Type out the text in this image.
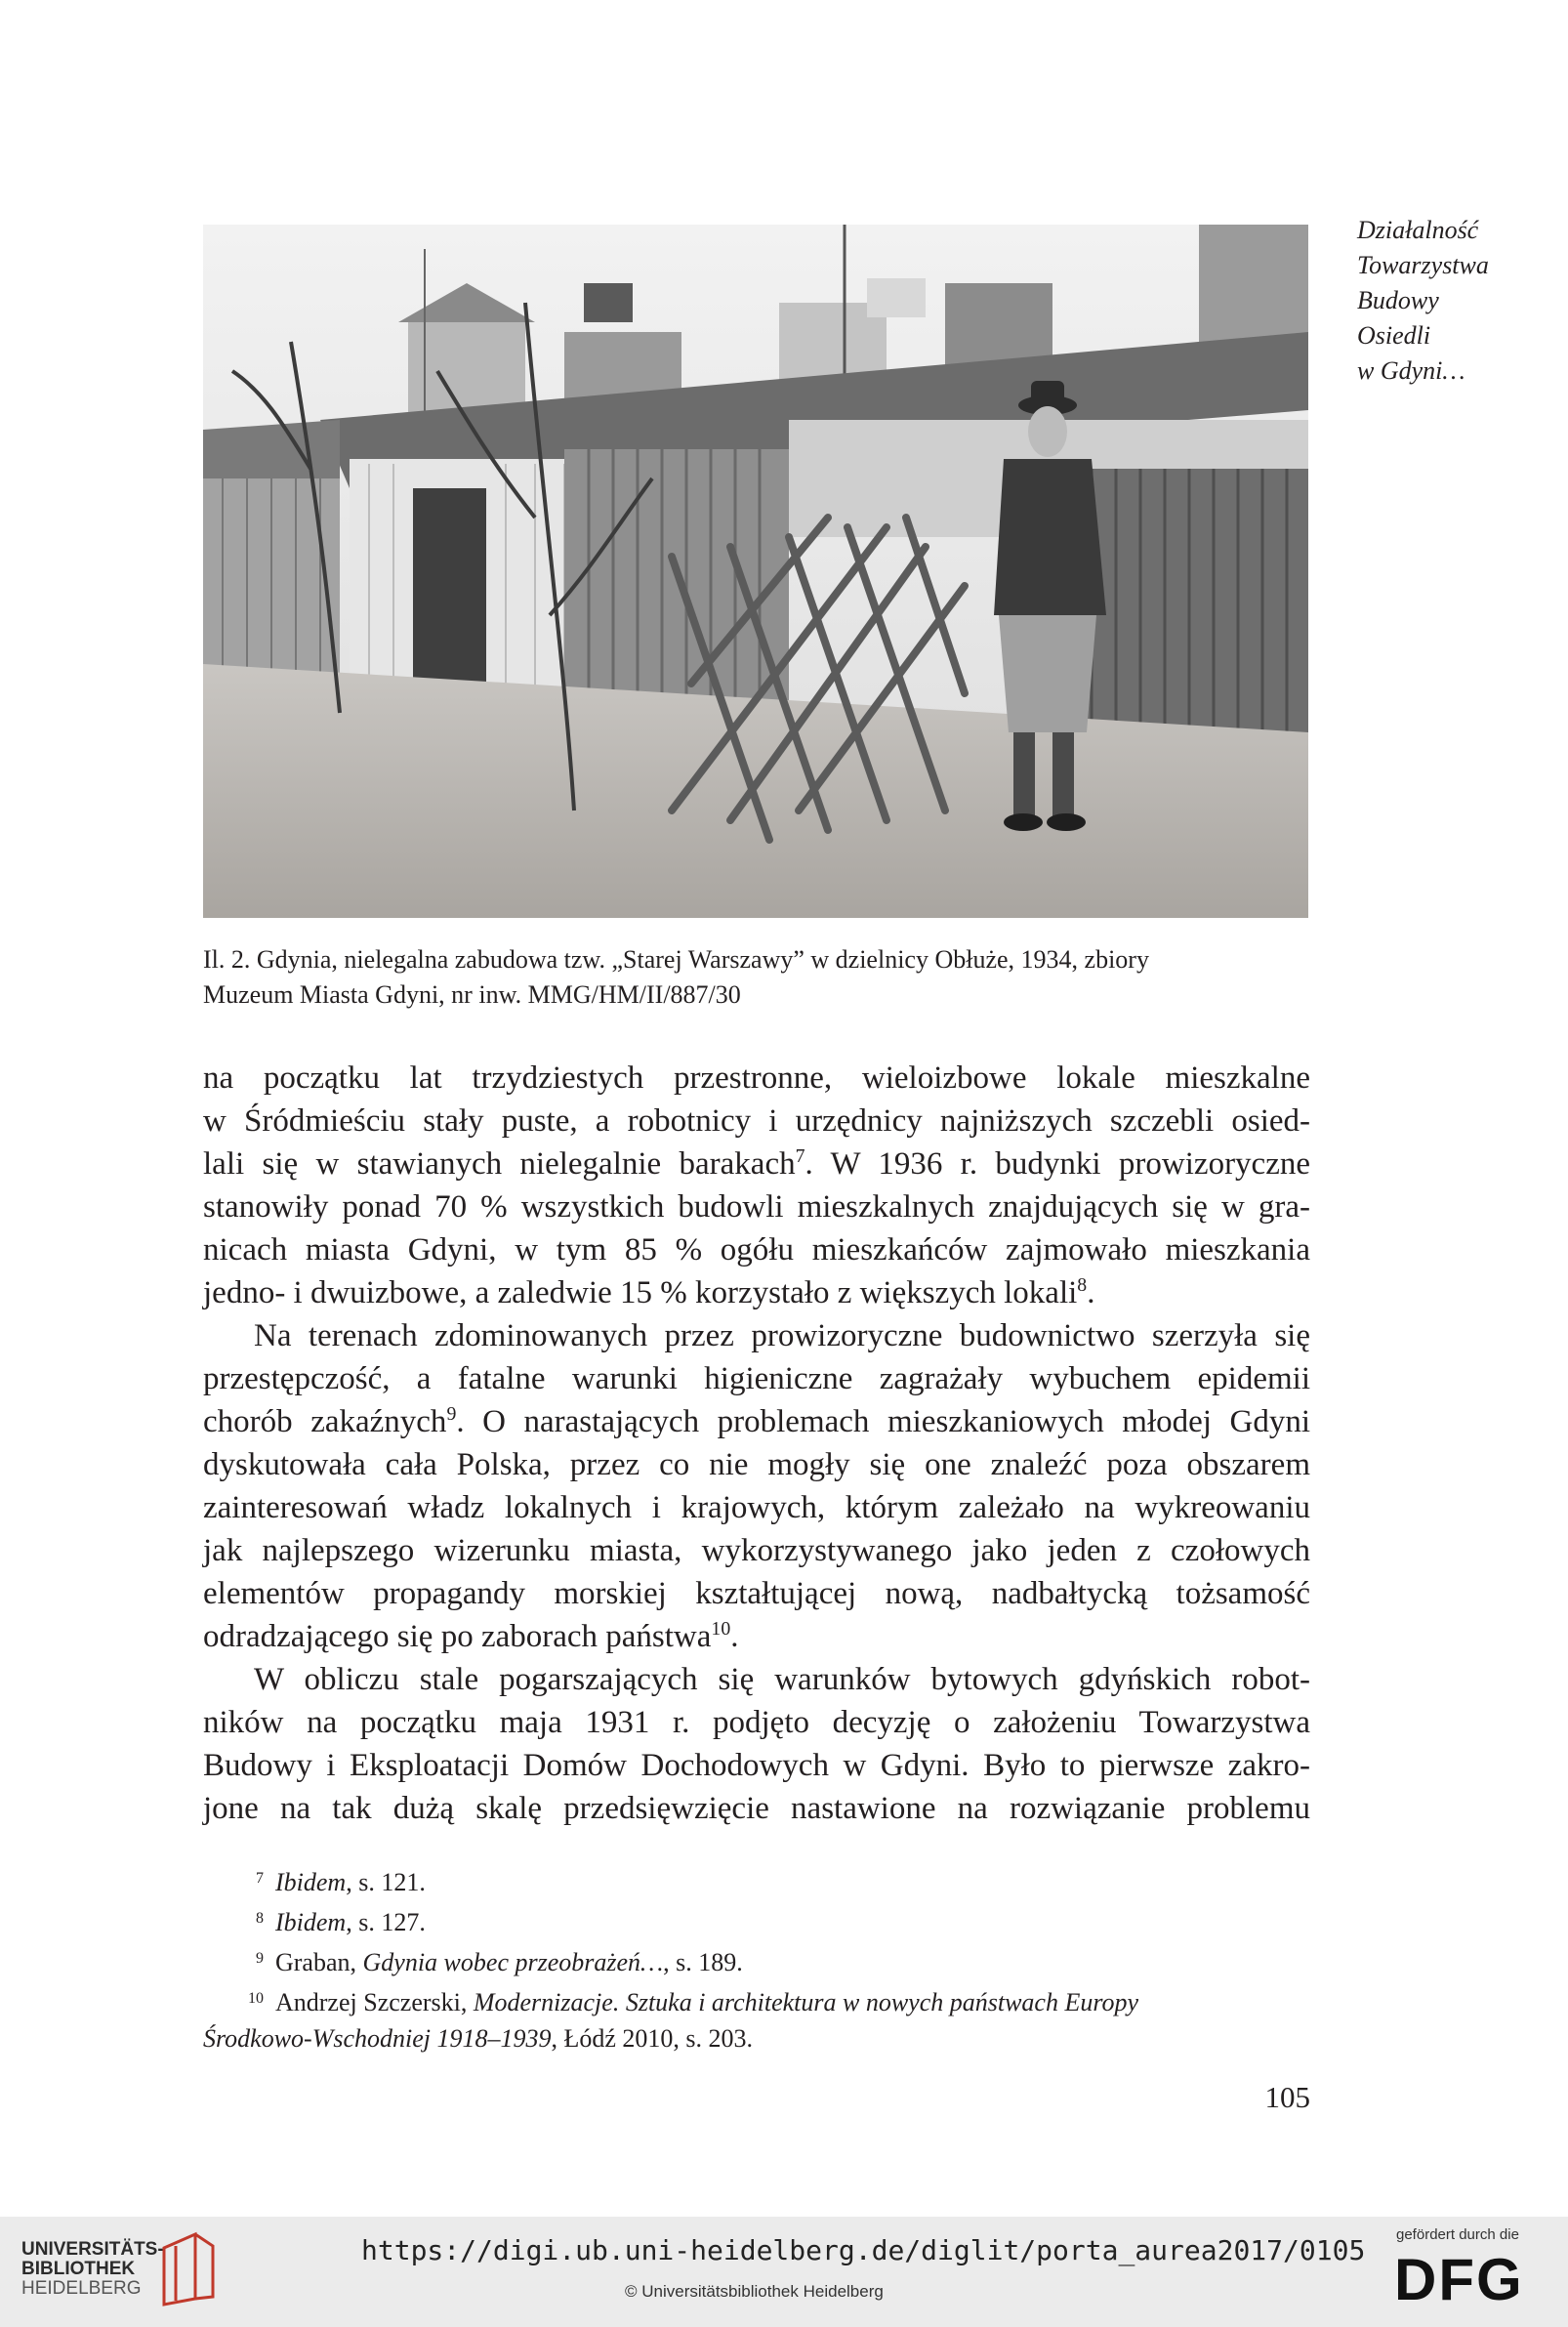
Działalność
Towarzystwa
Budowy
Osiedli
w Gdyni…
Il. 2. Gdynia, nielegalna zabudowa tzw. „Starej Warszawy” w dzielnicy Obłuże, 1934, zbiory
Muzeum Miasta Gdyni, nr inw. MMG/HM/II/887/30
na początku lat trzydziestych przestronne, wieloizbowe lokale mieszkalne
w Śródmieściu stały puste, a robotnicy i urzędnicy najniższych szczebli osied-
lali się w stawianych nielegalnie barakach$^7$. W 1936 r. budynki prowizoryczne
stanowiły ponad 70 % wszystkich budowli mieszkalnych znajdujących się w gra-
nicach miasta Gdyni, w tym 85 % ogółu mieszkańców zajmowało mieszkania
jedno- i dwuizbowe, a zaledwie 15 % korzystało z większych lokali$^8$.
Na terenach zdominowanych przez prowizoryczne budownictwo szerzyła się
przestępczość, a fatalne warunki higieniczne zagrażały wybuchem epidemii
chorób zakaźnych$^9$. O narastających problemach mieszkaniowych młodej Gdyni
dyskutowała cała Polska, przez co nie mogły się one znaleźć poza obszarem
zainteresowań władz lokalnych i krajowych, którym zależało na wykreowaniu
jak najlepszego wizerunku miasta, wykorzystywanego jako jeden z czołowych
elementów propagandy morskiej kształtującej nową, nadbałtycką tożsamość
odradzającego się po zaborach państwa$^{10}$.
W obliczu stale pogarszających się warunków bytowych gdyńskich robot-
ników na początku maja 1931 r. podjęto decyzję o założeniu Towarzystwa
Budowy i Eksploatacji Domów Dochodowych w Gdyni. Było to pierwsze zakro-
jone na tak dużą skalę przedsięwzięcie nastawione na rozwiązanie problemu
7 Ibidem, s. 121.
8 Ibidem, s. 127.
9 Graban, Gdynia wobec przeobrażeń…, s. 189.
10 Andrzej Szczerski, Modernizacje. Sztuka i architektura w nowych państwach Europy
Środkowo-Wschodniej 1918–1939, Łódź 2010, s. 203.
105
UNIVERSITÄTS-
BIBLIOTHEK
HEIDELBERG
https://digi.ub.uni-heidelberg.de/diglit/porta_aurea2017/0105
© Universitätsbibliothek Heidelberg
gefördert durch die
DFG
